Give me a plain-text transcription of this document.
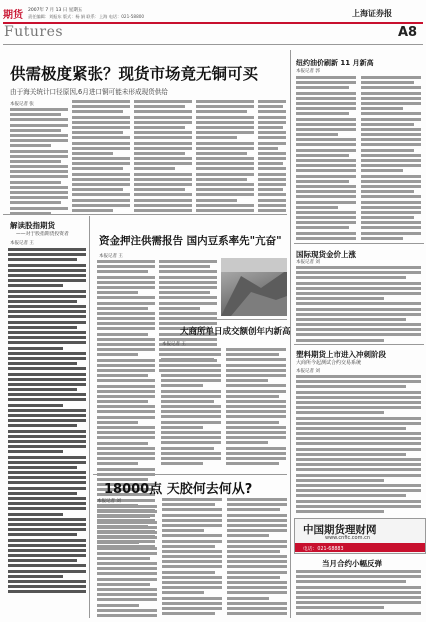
期货 2007年 7 月 13 日 星期五
责任编辑：刘振东 版式：杨 娟 联系：上海 电话：021-58800	上海证券报
Futures	A8
供需极度紧张？现货市场竟无铜可买
由于海关统计口径原因,6月进口铜可能未形成现货供给
本报记者 张
纽约油价刷新 11 月新高
本报记者 郭
国际现货金价上涨
本报记者 刘
塑料期货上市进入冲刺阶段
大商所今起测试合约交易系统
本报记者 刘
中国期货理财网
www.cnfic.com.cn
电话：021-68883
当月合约小幅反弹
解读股指期货
——对于股指期货投资者
本报记者 王	资金押注供需报告 国内豆系率先"亢奋"
本报记者 王
大商所单日成交额创年内新高
本报记者 王
18000点 天胶何去何从?
本报记者 刘
